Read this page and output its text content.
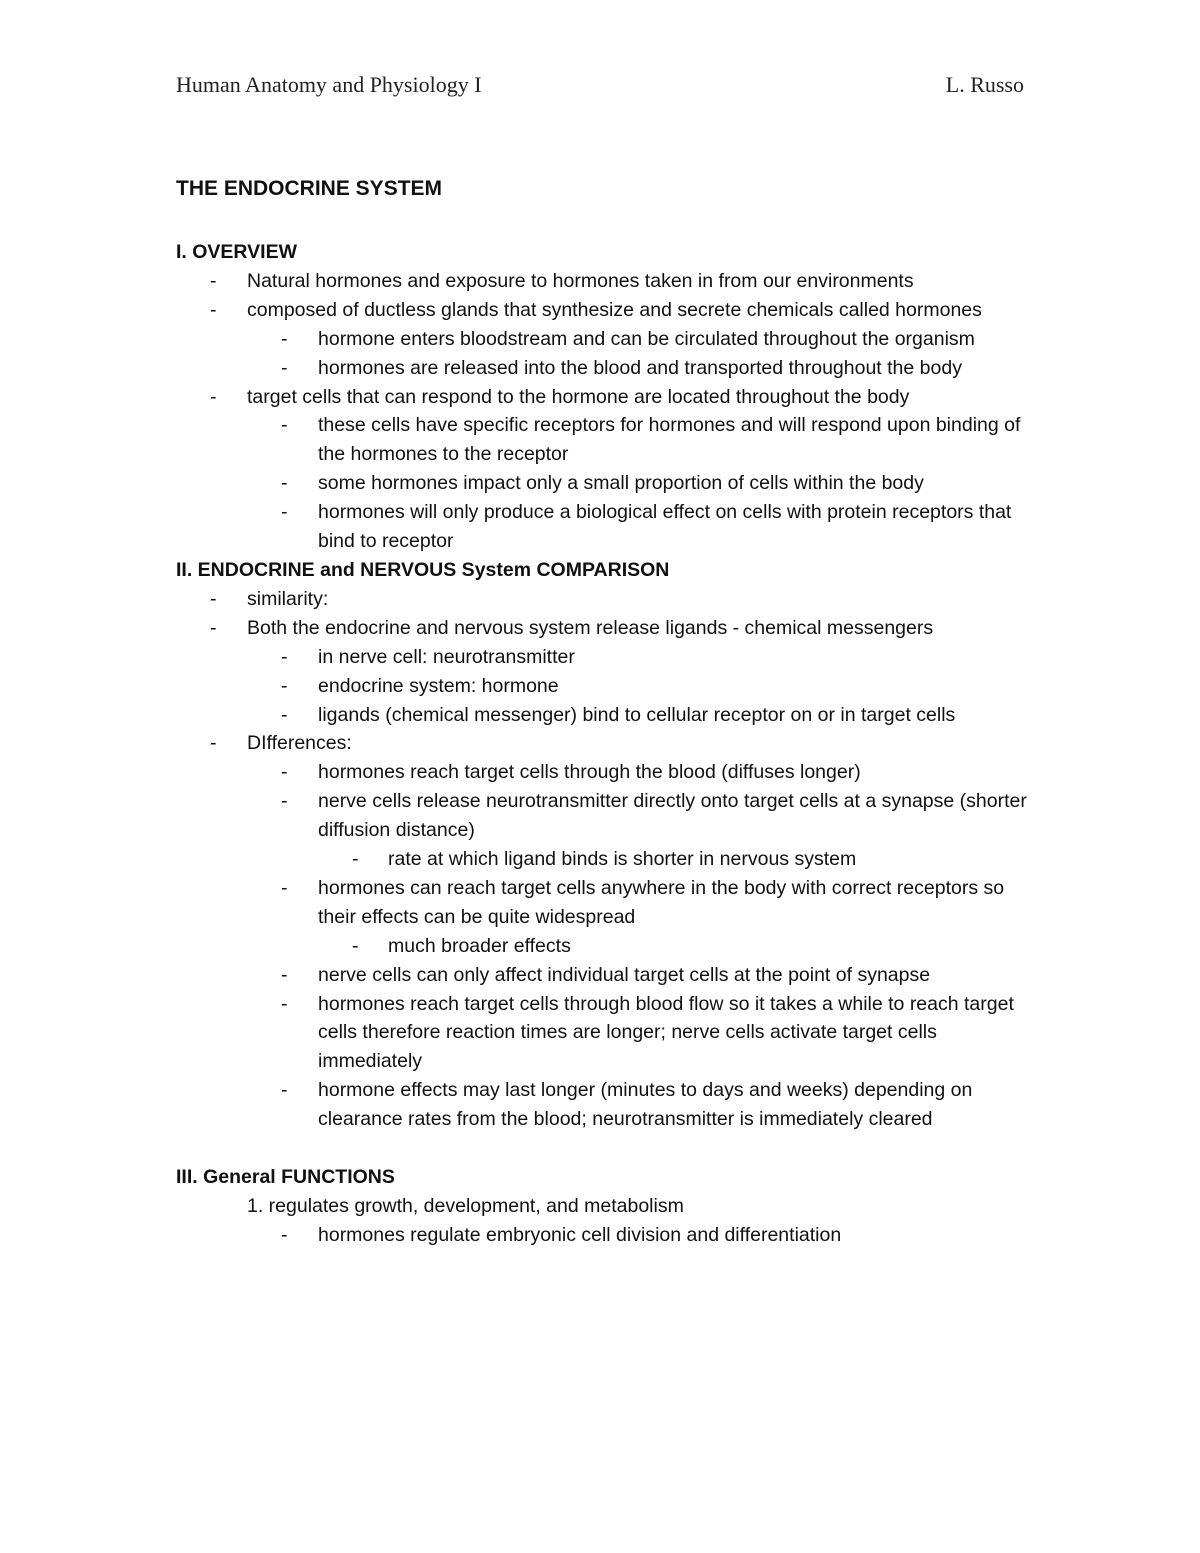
Human Anatomy and Physiology I	L. Russo
THE ENDOCRINE SYSTEM
I. OVERVIEW
- Natural hormones and exposure to hormones taken in from our environments
- composed of ductless glands that synthesize and secrete chemicals called hormones
- hormone enters bloodstream and can be circulated throughout the organism
- hormones are released into the blood and transported throughout the body
- target cells that can respond to the hormone are located throughout the body
- these cells have specific receptors for hormones and will respond upon binding of the hormones to the receptor
- some hormones impact only a small proportion of cells within the body
- hormones will only produce a biological effect on cells with protein receptors that bind to receptor
II. ENDOCRINE and NERVOUS System COMPARISON
- similarity:
- Both the endocrine and nervous system release ligands - chemical messengers
- in nerve cell: neurotransmitter
- endocrine system: hormone
- ligands (chemical messenger) bind to cellular receptor on or in target cells
- DIfferences:
- hormones reach target cells through the blood (diffuses longer)
- nerve cells release neurotransmitter directly onto target cells at a synapse (shorter diffusion distance)
- rate at which ligand binds is shorter in nervous system
- hormones can reach target cells anywhere in the body with correct receptors so their effects can be quite widespread
- much broader effects
- nerve cells can only affect individual target cells at the point of synapse
- hormones reach target cells through blood flow so it takes a while to reach target cells therefore reaction times are longer; nerve cells activate target cells immediately
- hormone effects may last longer (minutes to days and weeks) depending on clearance rates from the blood; neurotransmitter is immediately cleared
III. General FUNCTIONS
1. regulates growth, development, and metabolism
- hormones regulate embryonic cell division and differentiation
